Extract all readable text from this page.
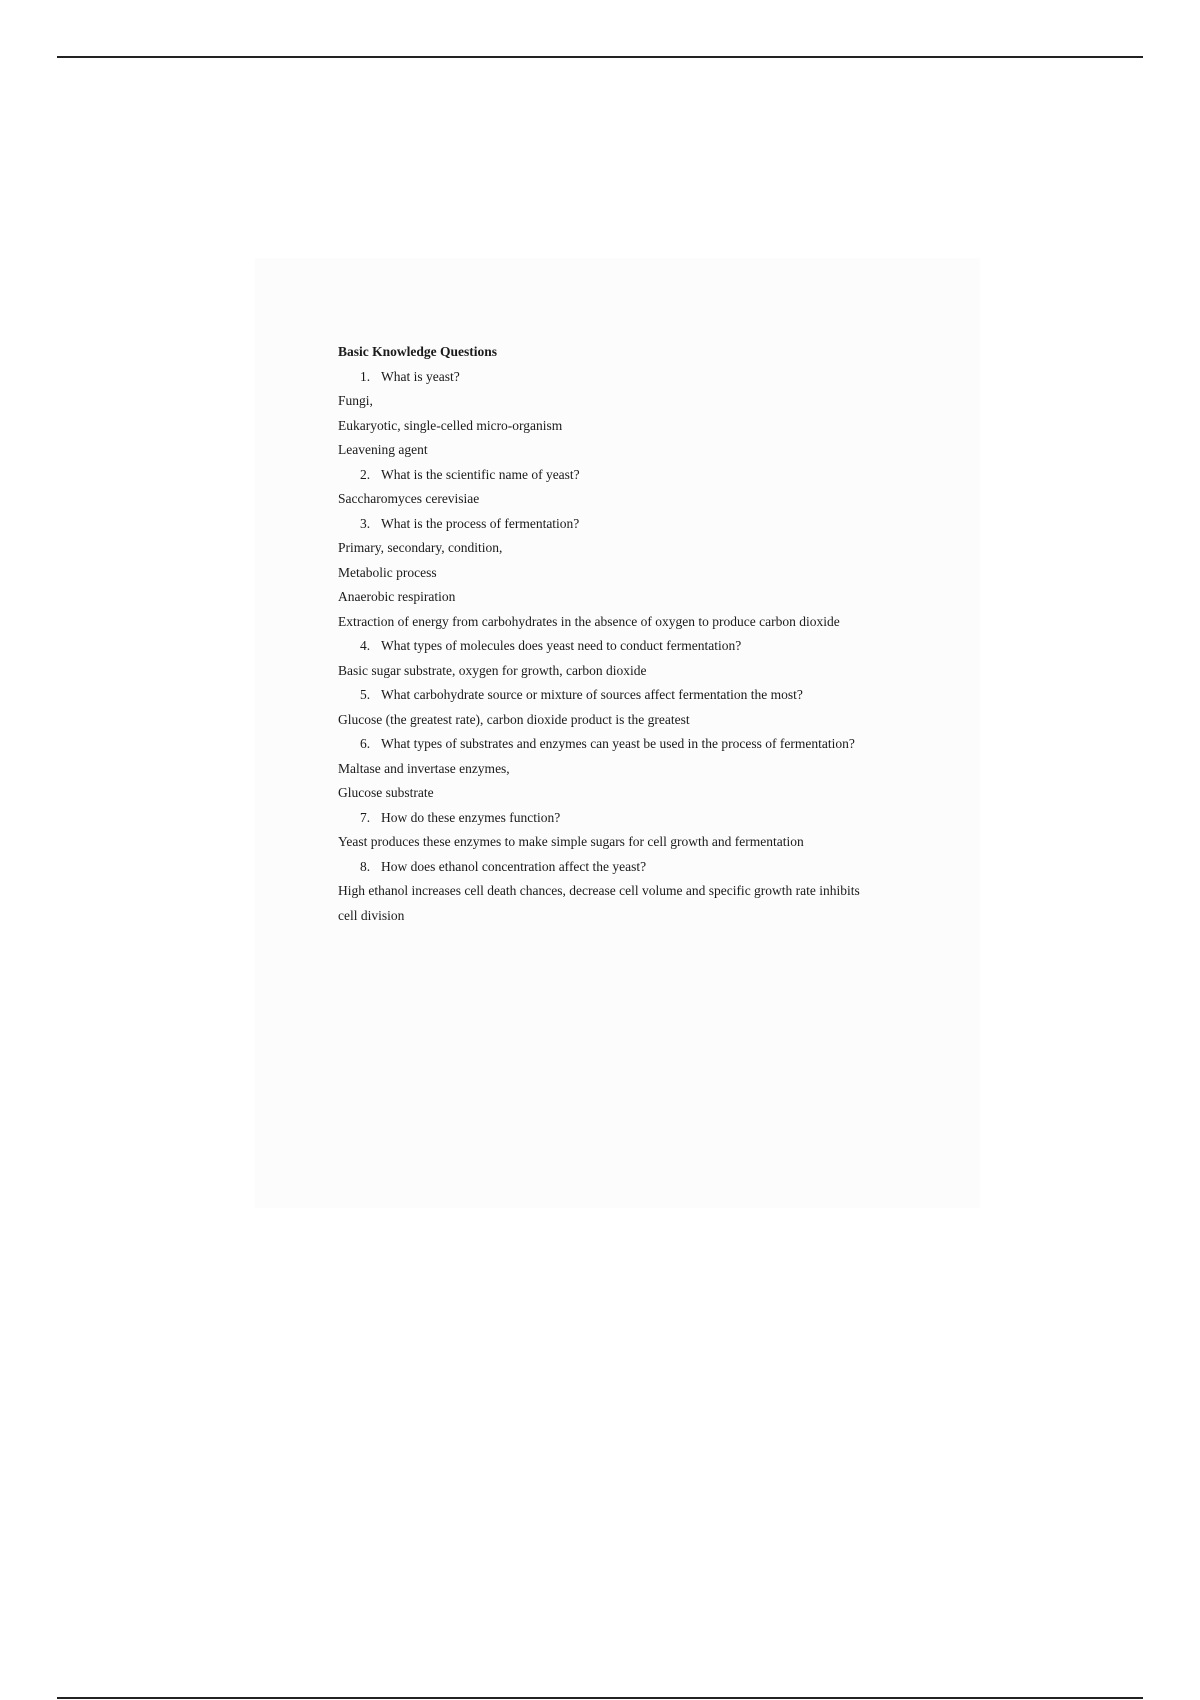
Basic Knowledge Questions

1. What is yeast?

Fungi,

Eukaryotic, single-celled micro-organism

Leavening agent

2. What is the scientific name of yeast?

Saccharomyces cerevisiae

3. What is the process of fermentation?

Primary, secondary, condition,

Metabolic process

Anaerobic respiration

Extraction of energy from carbohydrates in the absence of oxygen to produce carbon dioxide

4. What types of molecules does yeast need to conduct fermentation?

Basic sugar substrate, oxygen for growth, carbon dioxide

5. What carbohydrate source or mixture of sources affect fermentation the most?

Glucose (the greatest rate), carbon dioxide product is the greatest

6. What types of substrates and enzymes can yeast be used in the process of fermentation?

Maltase and invertase enzymes,

Glucose substrate

7. How do these enzymes function?

Yeast produces these enzymes to make simple sugars for cell growth and fermentation

8. How does ethanol concentration affect the yeast?

High ethanol increases cell death chances, decrease cell volume and specific growth rate inhibits

cell division
